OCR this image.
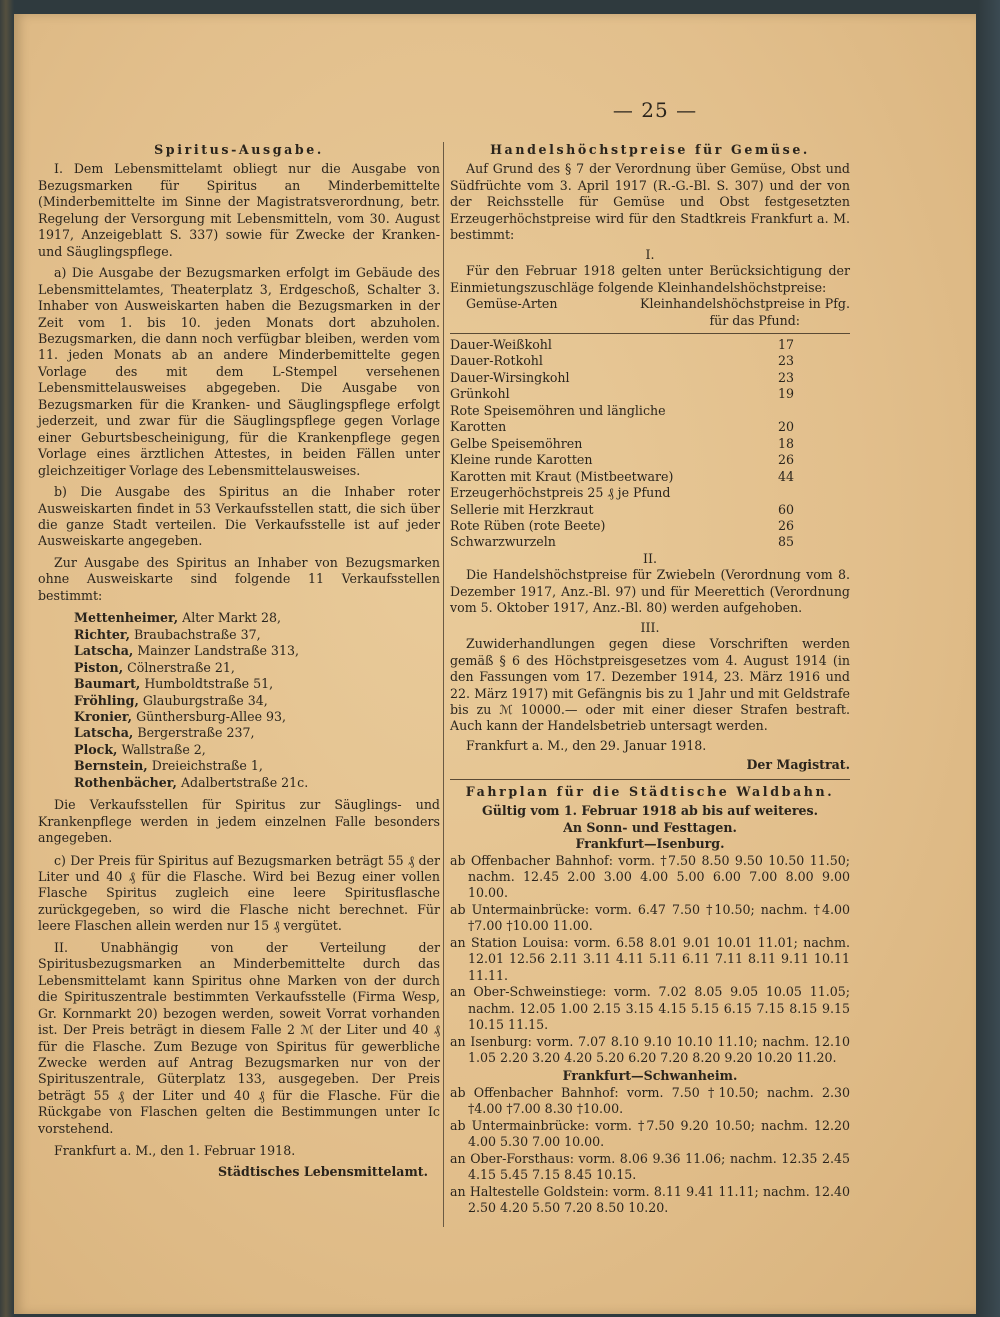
— 25 —
Spiritus-Ausgabe.

I. Dem Lebensmittelamt obliegt nur die Ausgabe von Bezugsmarken für Spiritus an Minderbemittelte (Minderbemittelte im Sinne der Magistratsverordnung, betr. Regelung der Versorgung mit Lebensmitteln, vom 30. August 1917, Anzeigeblatt S. 337) sowie für Zwecke der Kranken- und Säuglingspflege.

a) Die Ausgabe der Bezugsmarken erfolgt im Gebäude des Lebensmittelamtes, Theaterplatz 3, Erdgeschoß, Schalter 3. Inhaber von Ausweiskarten haben die Bezugsmarken in der Zeit vom 1. bis 10. jeden Monats dort abzuholen. Bezugsmarken, die dann noch verfügbar bleiben, werden vom 11. jeden Monats ab an andere Minderbemittelte gegen Vorlage des mit dem L-Stempel versehenen Lebensmittelausweises abgegeben. Die Ausgabe von Bezugsmarken für die Kranken- und Säuglingspflege erfolgt jederzeit, und zwar für die Säuglingspflege gegen Vorlage einer Geburtsbescheinigung, für die Krankenpflege gegen Vorlage eines ärztlichen Attestes, in beiden Fällen unter gleichzeitiger Vorlage des Lebensmittelausweises.

b) Die Ausgabe des Spiritus an die Inhaber roter Ausweiskarten findet in 53 Verkaufsstellen statt, die sich über die ganze Stadt verteilen. Die Verkaufsstelle ist auf jeder Ausweiskarte angegeben.

Zur Ausgabe des Spiritus an Inhaber von Bezugsmarken ohne Ausweiskarte sind folgende 11 Verkaufsstellen bestimmt:

Mettenheimer, Alter Markt 28,

Richter, Braubachstraße 37,

Latscha, Mainzer Landstraße 313,

Piston, Cölnerstraße 21,

Baumart, Humboldtstraße 51,

Fröhling, Glauburgstraße 34,

Kronier, Günthersburg-Allee 93,

Latscha, Bergerstraße 237,

Plock, Wallstraße 2,

Bernstein, Dreieichstraße 1,

Rothenbächer, Adalbertstraße 21c.

Die Verkaufsstellen für Spiritus zur Säuglings- und Krankenpflege werden in jedem einzelnen Falle besonders angegeben.

c) Der Preis für Spiritus auf Bezugsmarken beträgt 55 ₰ der Liter und 40 ₰ für die Flasche. Wird bei Bezug einer vollen Flasche Spiritus zugleich eine leere Spiritusflasche zurückgegeben, so wird die Flasche nicht berechnet. Für leere Flaschen allein werden nur 15 ₰ vergütet.

II. Unabhängig von der Verteilung der Spiritusbezugsmarken an Minderbemittelte durch das Lebensmittelamt kann Spiritus ohne Marken von der durch die Spirituszentrale bestimmten Verkaufsstelle (Firma Wesp, Gr. Kornmarkt 20) bezogen werden, soweit Vorrat vorhanden ist. Der Preis beträgt in diesem Falle 2 ℳ der Liter und 40 ₰ für die Flasche. Zum Bezuge von Spiritus für gewerbliche Zwecke werden auf Antrag Bezugsmarken nur von der Spirituszentrale, Güterplatz 133, ausgegeben. Der Preis beträgt 55 ₰ der Liter und 40 ₰ für die Flasche. Für die Rückgabe von Flaschen gelten die Bestimmungen unter Ic vorstehend.

Frankfurt a. M., den 1. Februar 1918.

Städtisches Lebensmittelamt.

Handelshöchstpreise für Gemüse.

Auf Grund des § 7 der Verordnung über Gemüse, Obst und Südfrüchte vom 3. April 1917 (R.-G.-Bl. S. 307) und der von der Reichsstelle für Gemüse und Obst festgesetzten Erzeugerhöchstpreise wird für den Stadtkreis Frankfurt a. M. bestimmt:

I.

Für den Februar 1918 gelten unter Berücksichtigung der Einmietungszuschläge folgende Kleinhandelshöchstpreise:

Gemüse-Arten	Kleinhandelshöchstpreise in Pfg.
	für das Pfund:
Dauer-Weißkohl	17
Dauer-Rotkohl	23
Dauer-Wirsingkohl	23
Grünkohl	19
Rote Speisemöhren und längliche Karotten	20
Gelbe Speisemöhren	18
Kleine runde Karotten	26
Karotten mit Kraut (Mistbeetware)	44
Erzeugerhöchstpreis 25 ₰ je Pfund	
Sellerie mit Herzkraut	60
Rote Rüben (rote Beete)	26
Schwarzwurzeln	85

II.

Die Handelshöchstpreise für Zwiebeln (Verordnung vom 8. Dezember 1917, Anz.-Bl. 97) und für Meerettich (Verordnung vom 5. Oktober 1917, Anz.-Bl. 80) werden aufgehoben.

III.

Zuwiderhandlungen gegen diese Vorschriften werden gemäß § 6 des Höchstpreisgesetzes vom 4. August 1914 (in den Fassungen vom 17. Dezember 1914, 23. März 1916 und 22. März 1917) mit Gefängnis bis zu 1 Jahr und mit Geldstrafe bis zu ℳ 10000.— oder mit einer dieser Strafen bestraft. Auch kann der Handelsbetrieb untersagt werden.

Frankfurt a. M., den 29. Januar 1918.

Der Magistrat.

Fahrplan für die Städtische Waldbahn.

Gültig vom 1. Februar 1918 ab bis auf weiteres.

An Sonn- und Festtagen.

Frankfurt—Isenburg.

ab Offenbacher Bahnhof: vorm. †7.50 8.50 9.50 10.50 11.50; nachm. 12.45 2.00 3.00 4.00 5.00 6.00 7.00 8.00 9.00 10.00.

ab Untermainbrücke: vorm. 6.47 7.50 †10.50; nachm. †4.00 †7.00 †10.00 11.00.

an Station Louisa: vorm. 6.58 8.01 9.01 10.01 11.01; nachm. 12.01 12.56 2.11 3.11 4.11 5.11 6.11 7.11 8.11 9.11 10.11 11.11.

an Ober-Schweinstiege: vorm. 7.02 8.05 9.05 10.05 11.05; nachm. 12.05 1.00 2.15 3.15 4.15 5.15 6.15 7.15 8.15 9.15 10.15 11.15.

an Isenburg: vorm. 7.07 8.10 9.10 10.10 11.10; nachm. 12.10 1.05 2.20 3.20 4.20 5.20 6.20 7.20 8.20 9.20 10.20 11.20.

Frankfurt—Schwanheim.

ab Offenbacher Bahnhof: vorm. 7.50 †10.50; nachm. 2.30 †4.00 †7.00 8.30 †10.00.

ab Untermainbrücke: vorm. †7.50 9.20 10.50; nachm. 12.20 4.00 5.30 7.00 10.00.

an Ober-Forsthaus: vorm. 8.06 9.36 11.06; nachm. 12.35 2.45 4.15 5.45 7.15 8.45 10.15.

an Haltestelle Goldstein: vorm. 8.11 9.41 11.11; nachm. 12.40 2.50 4.20 5.50 7.20 8.50 10.20.
